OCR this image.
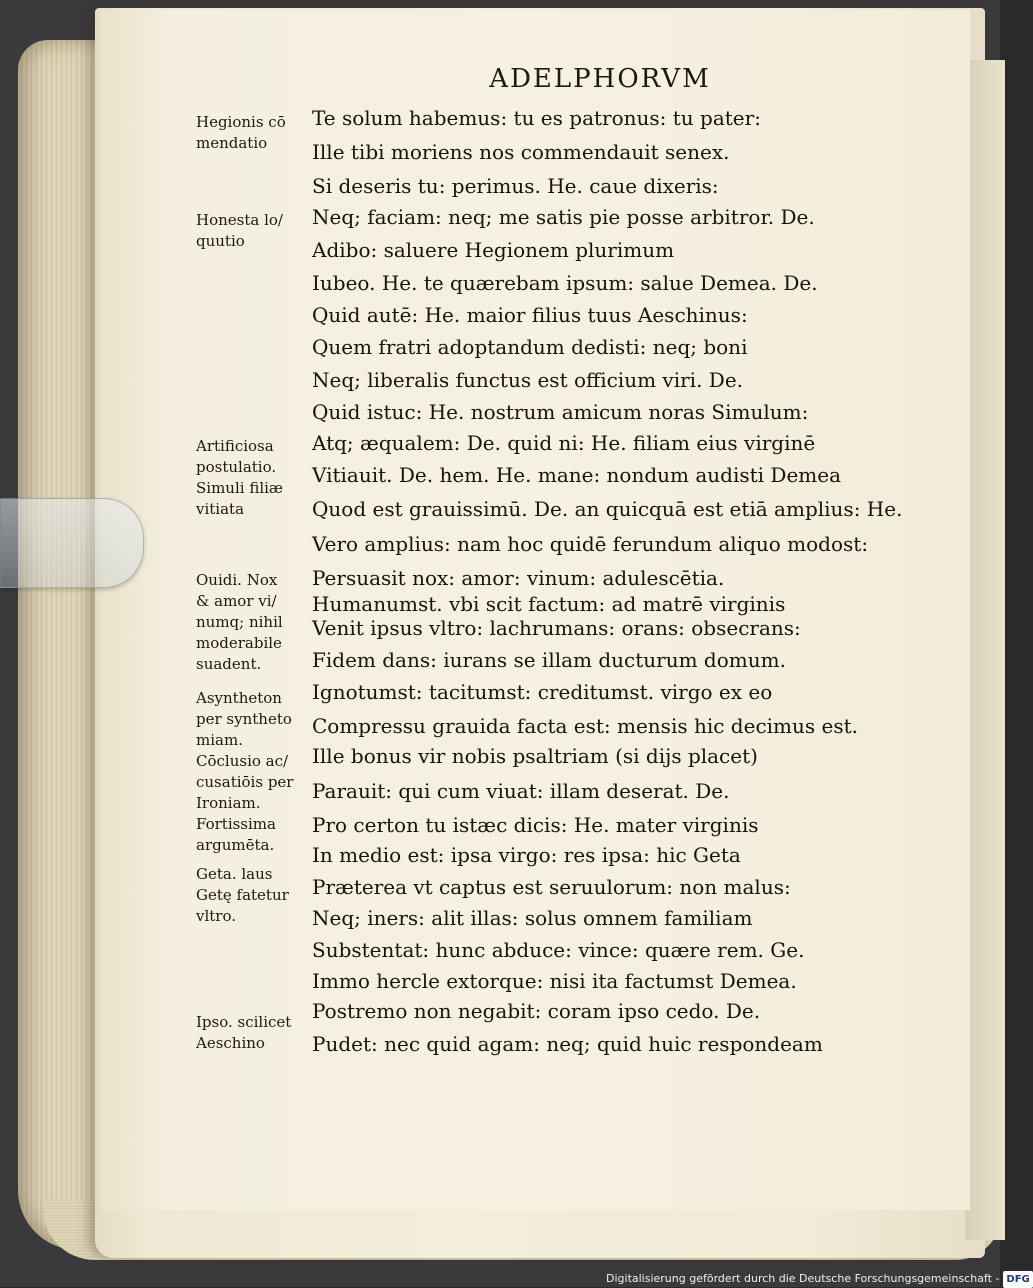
ADELPHORVM
Te solum habemus: tu es patronus: tu pater:
Ille tibi moriens nos commendauit senex.
Si deseris tu: perimus. He. caue dixeris:
Neq; faciam: neq; me satis pie posse arbitror. De.
Adibo: saluere Hegionem plurimum
Iubeo. He. te quærebam ipsum: salue Demea. De.
Quid autē: He. maior filius tuus Aeschinus:
Quem fratri adoptandum dedisti: neq; boni
Neq; liberalis functus est officium viri. De.
Quid istuc: He. nostrum amicum noras Simulum:
Atq; æqualem: De. quid ni: He. filiam eius virginē
Vitiauit. De. hem. He. mane: nondum audisti Demea
Quod est grauissimū. De. an quicquā est etiā amplius: He.
Vero amplius: nam hoc quidē ferundum aliquo modost:
Persuasit nox: amor: vinum: adulescētia.
Humanumst. vbi scit factum: ad matrē virginis
Venit ipsus vltro: lachrumans: orans: obsecrans:
Fidem dans: iurans se illam ducturum domum.
Ignotumst: tacitumst: creditumst. virgo ex eo
Compressu grauida facta est: mensis hic decimus est.
Ille bonus vir nobis psaltriam (si dijs placet)
Parauit: qui cum viuat: illam deserat. De.
Pro certon tu istæc dicis: He. mater virginis
In medio est: ipsa virgo: res ipsa: hic Geta
Præterea vt captus est seruulorum: non malus:
Neq; iners: alit illas: solus omnem familiam
Substentat: hunc abduce: vince: quære rem. Ge.
Immo hercle extorque: nisi ita factumst Demea.
Postremo non negabit: coram ipso cedo. De.
Pudet: nec quid agam: neq; quid huic respondeam
Hegionis cō
mendatio
Honesta lo/
quutio
Artificiosa
postulatio.
Simuli filiæ
vitiata
Ouidi. Nox
& amor vi/
numq; nihil
moderabile
suadent.
Asyntheton
per syntheto
miam.
Cōclusio ac/
cusatiōis per
Ironiam.
Fortissima
argumēta.
Geta. laus
Getę fatetur
vltro.
Ipso. scilicet
Aeschino
Digitalisierung gefördert durch die Deutsche Forschungsgemeinschaft - DFG
